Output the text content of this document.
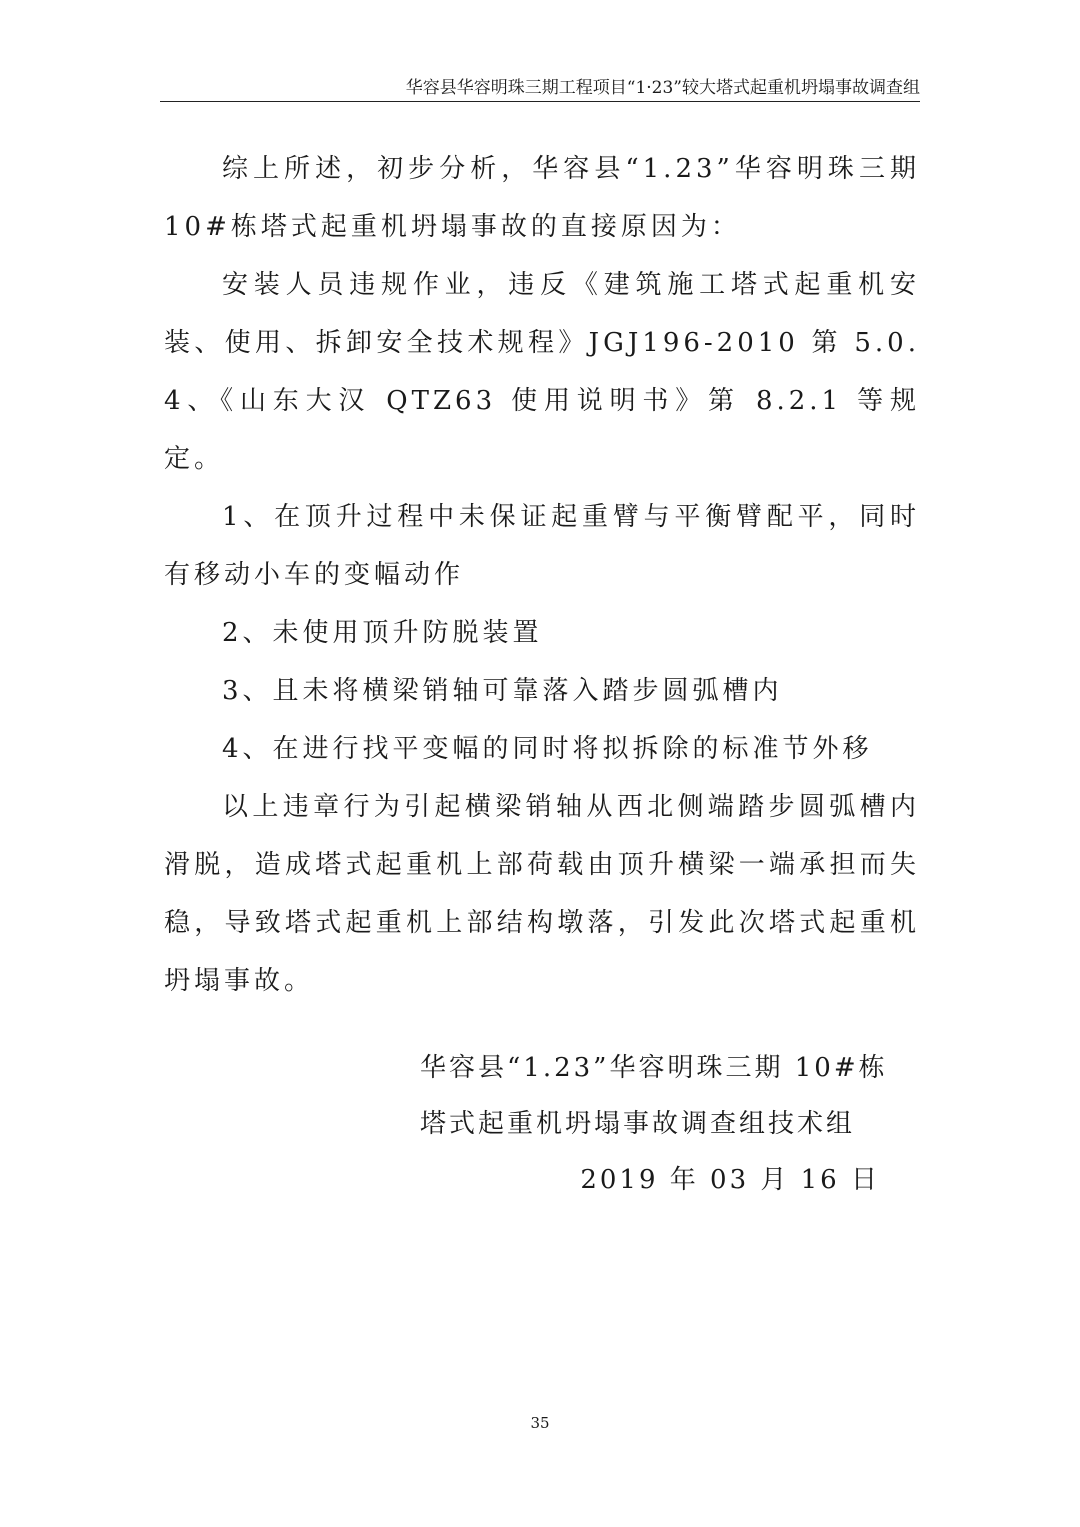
华容县华容明珠三期工程项目“1·23”较大塔式起重机坍塌事故调查组

综上所述，初步分析，华容县“1.23”华容明珠三期 10#栋塔式起重机坍塌事故的直接原因为：

安装人员违规作业，违反《建筑施工塔式起重机安装、使用、拆卸安全技术规程》JGJ196-2010 第 5.0.4、《山东大汉 QTZ63 使用说明书》第 8.2.1 等规定。

1、在顶升过程中未保证起重臂与平衡臂配平，同时有移动小车的变幅动作

2、未使用顶升防脱装置

3、且未将横梁销轴可靠落入踏步圆弧槽内

4、在进行找平变幅的同时将拟拆除的标准节外移

以上违章行为引起横梁销轴从西北侧端踏步圆弧槽内滑脱，造成塔式起重机上部荷载由顶升横梁一端承担而失稳，导致塔式起重机上部结构墩落，引发此次塔式起重机坍塌事故。

华容县“1.23”华容明珠三期 10#栋
塔式起重机坍塌事故调查组技术组
2019 年 03 月 16 日
35
